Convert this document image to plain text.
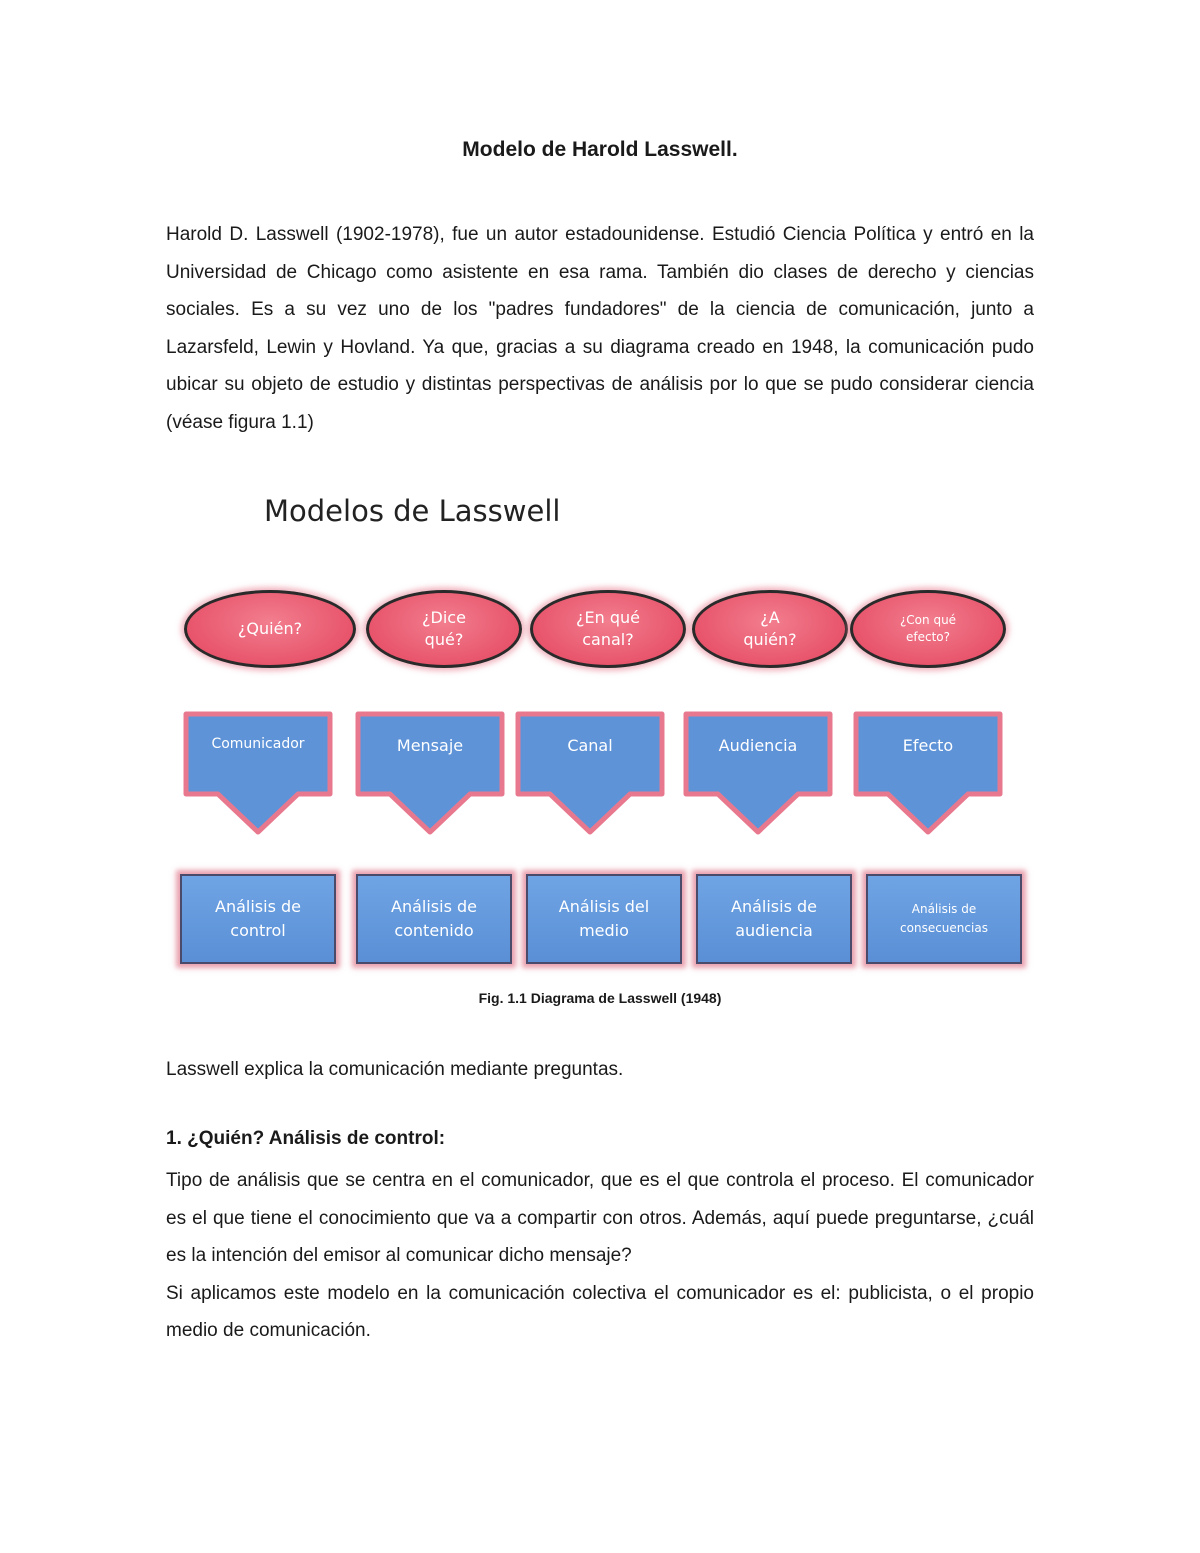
Modelo de Harold Lasswell.

Harold D. Lasswell (1902-1978), fue un autor estadounidense. Estudió Ciencia Política y entró en la Universidad de Chicago como asistente en esa rama. También dio clases de derecho y ciencias sociales. Es a su vez uno de los "padres fundadores" de la ciencia de comunicación, junto a Lazarsfeld, Lewin y Hovland. Ya que, gracias a su diagrama creado en 1948, la comunicación pudo ubicar su objeto de estudio y distintas perspectivas de análisis por lo que se pudo considerar ciencia (véase figura 1.1)

Modelos de Lasswell
¿Quién?
¿Dice qué?
¿En qué canal?
¿A quién?
¿Con qué efecto?
Comunicador	Mensaje	Canal	Audiencia	Efecto
Análisis de control
Análisis de contenido
Análisis del medio
Análisis de audiencia
Análisis de consecuencias
Fig. 1.1 Diagrama de Lasswell (1948)

Lasswell explica la comunicación mediante preguntas.

1. ¿Quién? Análisis de control:
Tipo de análisis que se centra en el comunicador, que es el que controla el proceso. El comunicador es el que tiene el conocimiento que va a compartir con otros. Además, aquí puede preguntarse, ¿cuál es la intención del emisor al comunicar dicho mensaje?
Si aplicamos este modelo en la comunicación colectiva el comunicador es el: publicista, o el propio medio de comunicación.
